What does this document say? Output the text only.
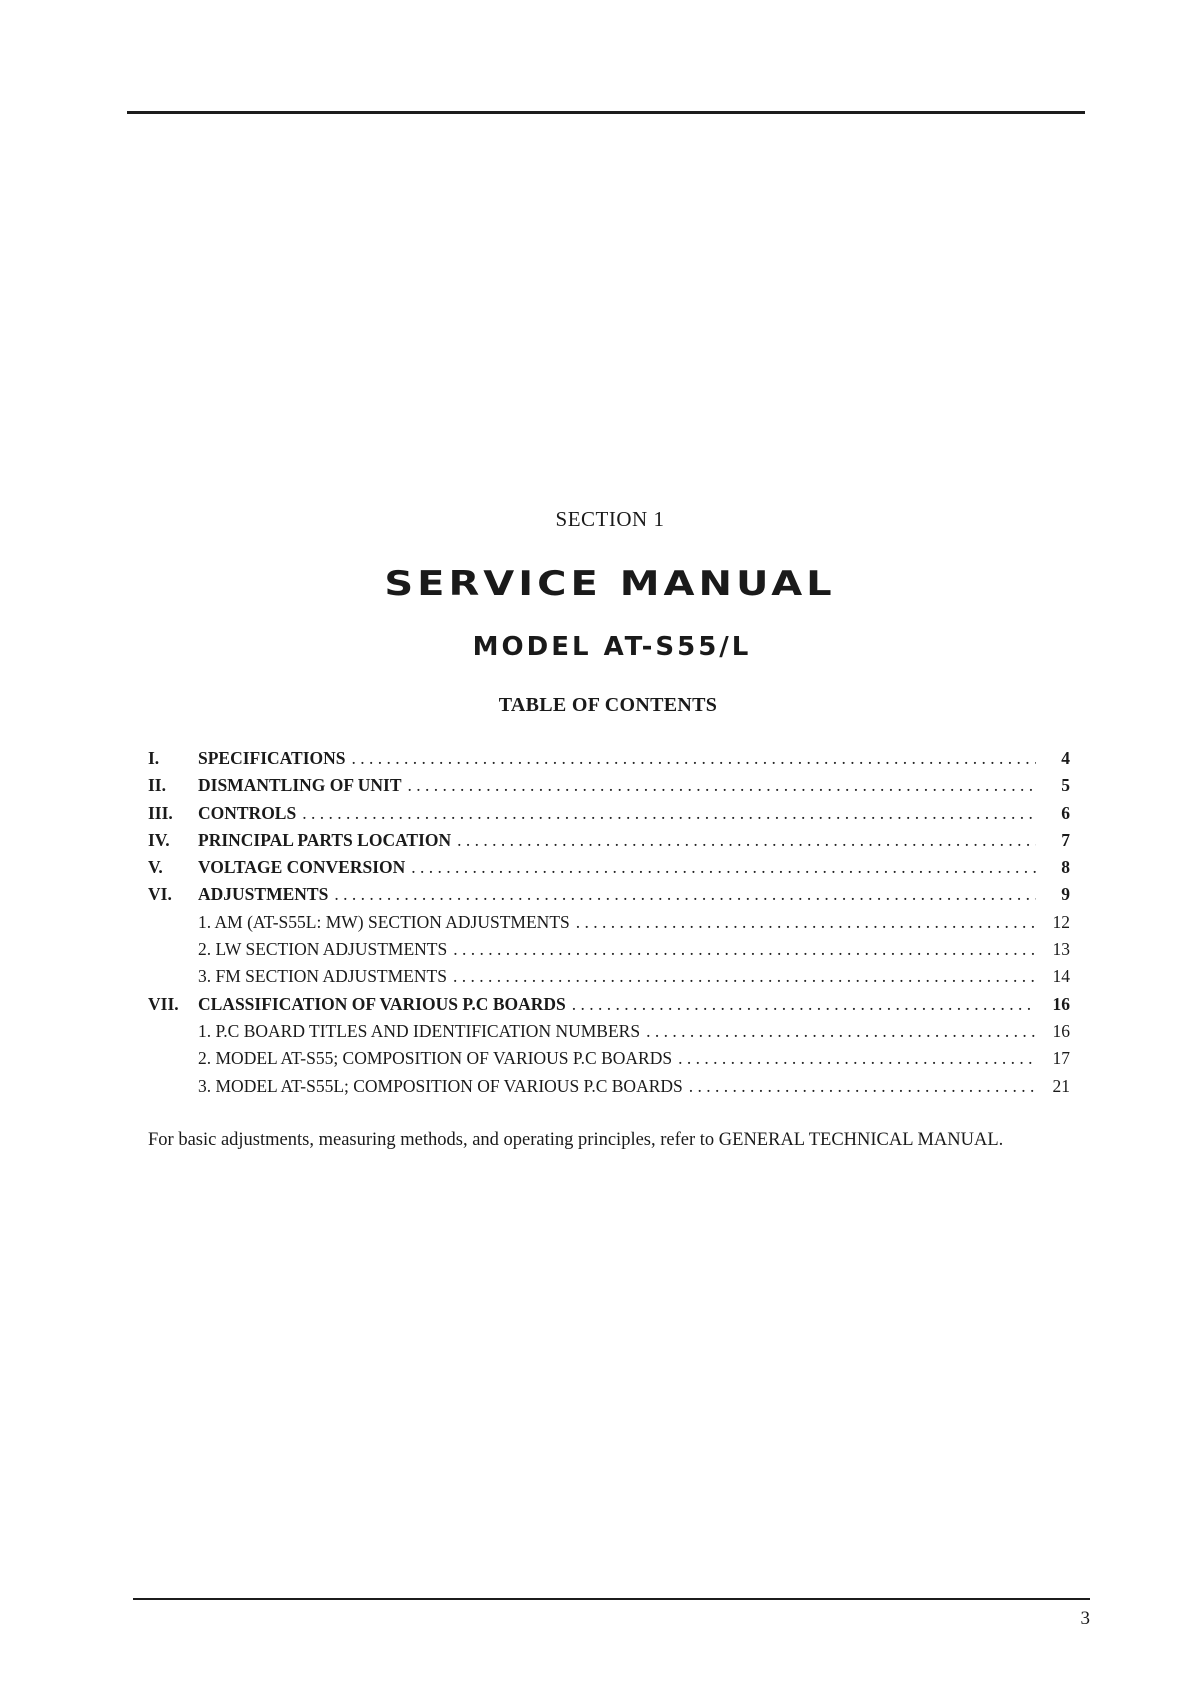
SECTION 1
SERVICE MANUAL
MODEL AT-S55/L
TABLE OF CONTENTS
I.	SPECIFICATIONS . . .	4
II.	DISMANTLING OF UNIT . . .	5
III.	CONTROLS . . .	6
IV.	PRINCIPAL PARTS LOCATION . . .	7
V.	VOLTAGE CONVERSION . . .	8
VI.	ADJUSTMENTS . . .	9
1. AM (AT-S55L: MW) SECTION ADJUSTMENTS . . .	12
2. LW SECTION ADJUSTMENTS . . .	13
3. FM SECTION ADJUSTMENTS . . .	14
VII.	CLASSIFICATION OF VARIOUS P.C BOARDS . . .	16
1. P.C BOARD TITLES AND IDENTIFICATION NUMBERS . . .	16
2. MODEL AT-S55; COMPOSITION OF VARIOUS P.C BOARDS . . .	17
3. MODEL AT-S55L; COMPOSITION OF VARIOUS P.C BOARDS . . .	21
For basic adjustments, measuring methods, and operating principles, refer to GENERAL TECHNICAL MANUAL.
3
